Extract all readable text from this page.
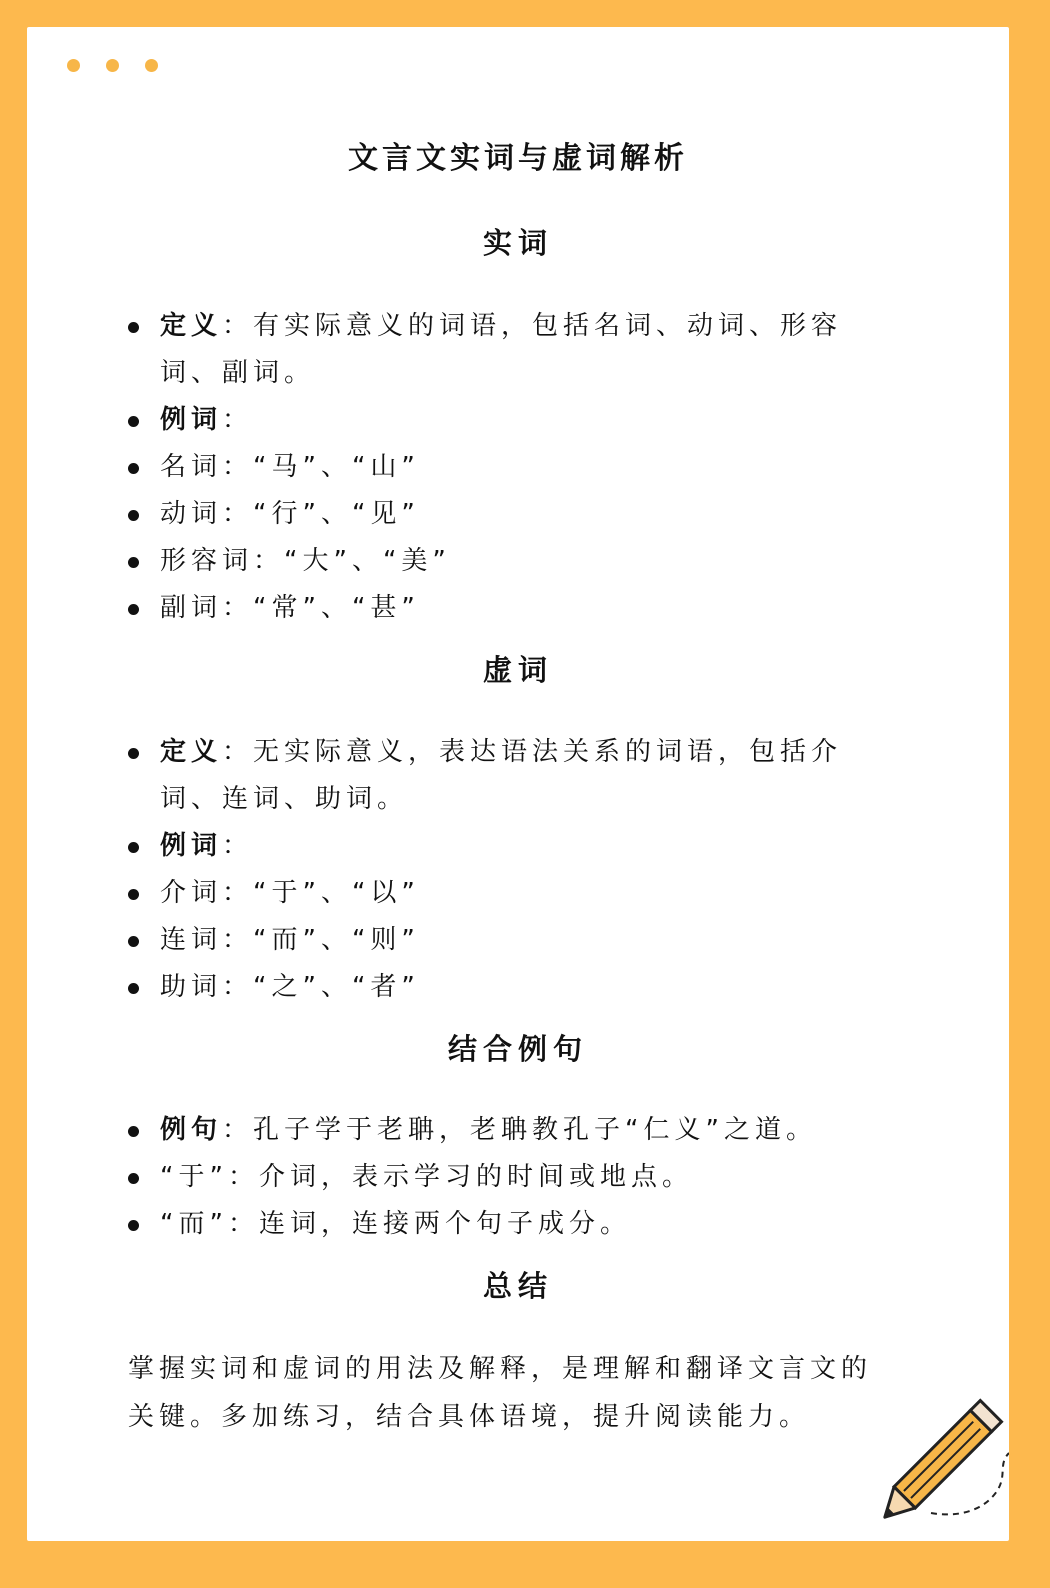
文言文实词与虚词解析
实词
定义：有实际意义的词语，包括名词、动词、形容词、副词。
例词：
名词：“马”、“山”
动词：“行”、“见”
形容词：“大”、“美”
副词：“常”、“甚”
虚词
定义：无实际意义，表达语法关系的词语，包括介词、连词、助词。
例词：
介词：“于”、“以”
连词：“而”、“则”
助词：“之”、“者”
结合例句
例句：孔子学于老聃，老聃教孔子“仁义”之道。
“于”：介词，表示学习的时间或地点。
“而”：连词，连接两个句子成分。
总结
掌握实词和虚词的用法及解释，是理解和翻译文言文的关键。多加练习，结合具体语境，提升阅读能力。
